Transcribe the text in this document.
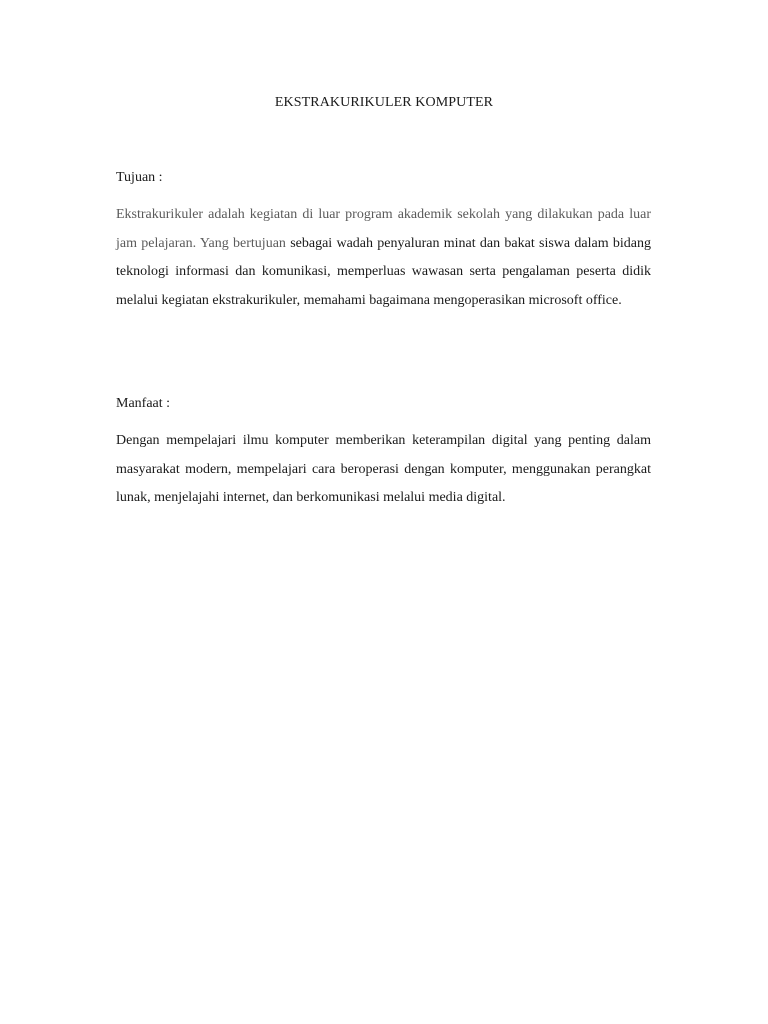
EKSTRAKURIKULER KOMPUTER
Tujuan :

Ekstrakurikuler adalah kegiatan di luar program akademik sekolah yang dilakukan pada luar jam pelajaran. Yang bertujuan sebagai wadah penyaluran minat dan bakat siswa dalam bidang teknologi informasi dan komunikasi, memperluas wawasan serta pengalaman peserta didik melalui kegiatan ekstrakurikuler, memahami bagaimana mengoperasikan microsoft office.

Manfaat :

Dengan mempelajari ilmu komputer memberikan keterampilan digital yang penting dalam masyarakat modern, mempelajari cara beroperasi dengan komputer, menggunakan perangkat lunak, menjelajahi internet, dan berkomunikasi melalui media digital.
